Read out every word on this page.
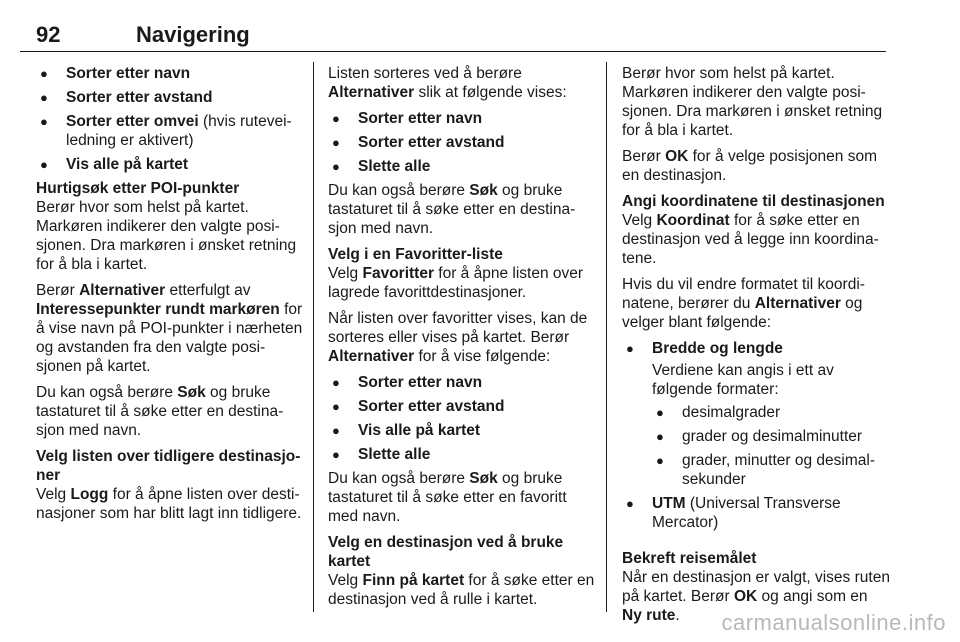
92	Navigering
● Sorter etter navn
● Sorter etter avstand
● Sorter etter omvei (hvis ruteveiledning er aktivert)
● Vis alle på kartet
Hurtigsøk etter POI-punkter

Berør hvor som helst på kartet. Markøren indikerer den valgte posisjonen. Dra markøren i ønsket retning for å bla i kartet.

Berør Alternativer etterfulgt av Interessepunkter rundt markøren for å vise navn på POI-punkter i nærheten og avstanden fra den valgte posisjonen på kartet.

Du kan også berøre Søk og bruke tastaturet til å søke etter en destinasjon med navn.

Velg listen over tidligere destinasjoner

Velg Logg for å åpne listen over destinasjoner som har blitt lagt inn tidligere.

Listen sorteres ved å berøre Alternativer slik at følgende vises:

● Sorter etter navn
● Sorter etter avstand
● Slette alle

Du kan også berøre Søk og bruke tastaturet til å søke etter en destinasjon med navn.

Velg i en Favoritter-liste

Velg Favoritter for å åpne listen over lagrede favorittdestinasjoner.

Når listen over favoritter vises, kan de sorteres eller vises på kartet. Berør Alternativer for å vise følgende:

● Sorter etter navn
● Sorter etter avstand
● Vis alle på kartet
● Slette alle

Du kan også berøre Søk og bruke tastaturet til å søke etter en favoritt med navn.

Velg en destinasjon ved å bruke kartet

Velg Finn på kartet for å søke etter en destinasjon ved å rulle i kartet.

Berør hvor som helst på kartet. Markøren indikerer den valgte posisjonen. Dra markøren i ønsket retning for å bla i kartet.

Berør OK for å velge posisjonen som en destinasjon.

Angi koordinatene til destinasjonen

Velg Koordinat for å søke etter en destinasjon ved å legge inn koordinatene.

Hvis du vil endre formatet til koordinatene, berører du Alternativer og velger blant følgende:

● Bredde og lengde
Verdiene kan angis i ett av følgende formater:
● desimalgrader
● grader og desimalminutter
● grader, minutter og desimalsekunder
● UTM (Universal Transverse Mercator)
Bekreft reisemålet

Når en destinasjon er valgt, vises ruten på kartet. Berør OK og angi som en Ny rute.	carmanualsonline.info
